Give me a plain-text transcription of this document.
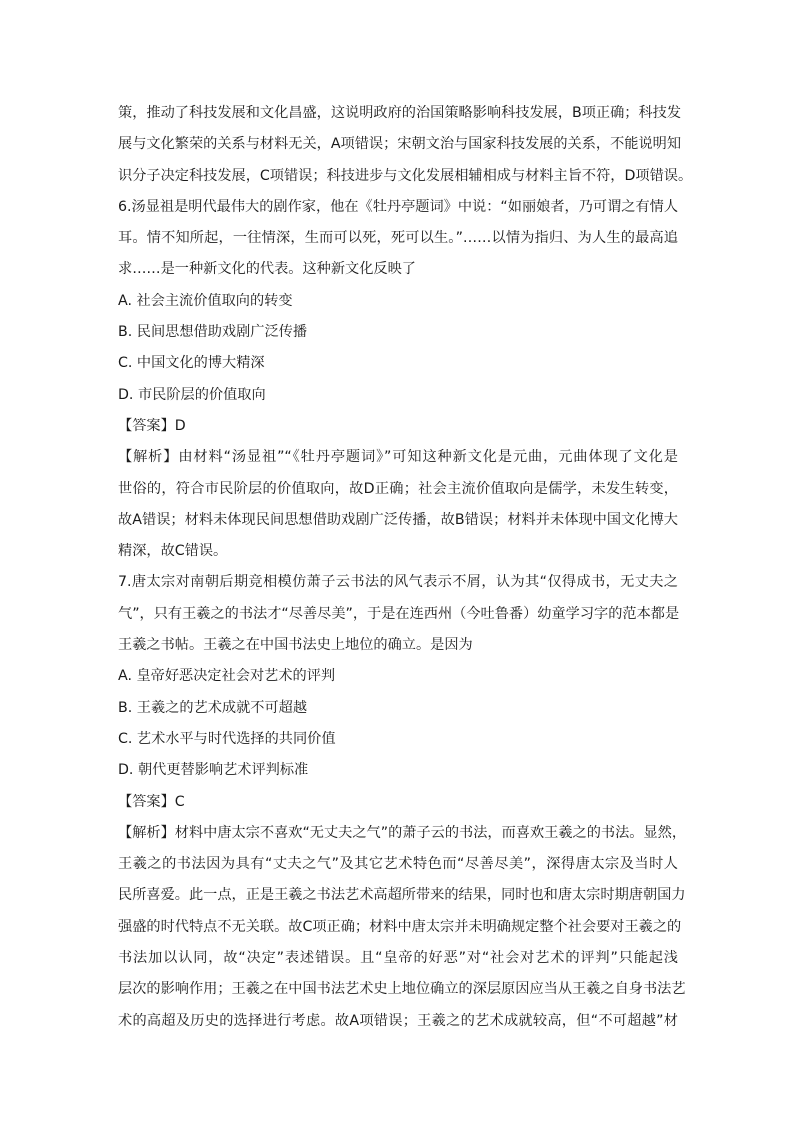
策，推动了科技发展和文化昌盛，这说明政府的治国策略影响科技发展，B项正确；科技发
展与文化繁荣的关系与材料无关，A项错误；宋朝文治与国家科技发展的关系，不能说明知
识分子决定科技发展，C项错误；科技进步与文化发展相辅相成与材料主旨不符，D项错误。
6.汤显祖是明代最伟大的剧作家，他在《牡丹亭题词》中说：“如丽娘者，乃可谓之有情人
耳。情不知所起，一往情深，生而可以死，死可以生。”……以情为指归、为人生的最高追
求……是一种新文化的代表。这种新文化反映了
A. 社会主流价值取向的转变
B. 民间思想借助戏剧广泛传播
C. 中国文化的博大精深
D. 市民阶层的价值取向
【答案】D
【解析】由材料“汤显祖”“《牡丹亭题词》”可知这种新文化是元曲，元曲体现了文化是
世俗的，符合市民阶层的价值取向，故D正确；社会主流价值取向是儒学，未发生转变，
故A错误；材料未体现民间思想借助戏剧广泛传播，故B错误；材料并未体现中国文化博大
精深，故C错误。
7.唐太宗对南朝后期竞相模仿萧子云书法的风气表示不屑，认为其“仅得成书，无丈夫之
气”，只有王羲之的书法才“尽善尽美”，于是在连西州（今吐鲁番）幼童学习字的范本都是
王羲之书帖。王羲之在中国书法史上地位的确立。是因为
A. 皇帝好恶决定社会对艺术的评判
B. 王羲之的艺术成就不可超越
C. 艺术水平与时代选择的共同价值
D. 朝代更替影响艺术评判标准
【答案】C
【解析】材料中唐太宗不喜欢“无丈夫之气”的萧子云的书法，而喜欢王羲之的书法。显然，
王羲之的书法因为具有“丈夫之气”及其它艺术特色而“尽善尽美”，深得唐太宗及当时人
民所喜爱。此一点，正是王羲之书法艺术高超所带来的结果，同时也和唐太宗时期唐朝国力
强盛的时代特点不无关联。故C项正确；材料中唐太宗并未明确规定整个社会要对王羲之的
书法加以认同，故“决定”表述错误。且“皇帝的好恶”对“社会对艺术的评判”只能起浅
层次的影响作用；王羲之在中国书法艺术史上地位确立的深层原因应当从王羲之自身书法艺
术的高超及历史的选择进行考虑。故A项错误；王羲之的艺术成就较高，但“不可超越”材
